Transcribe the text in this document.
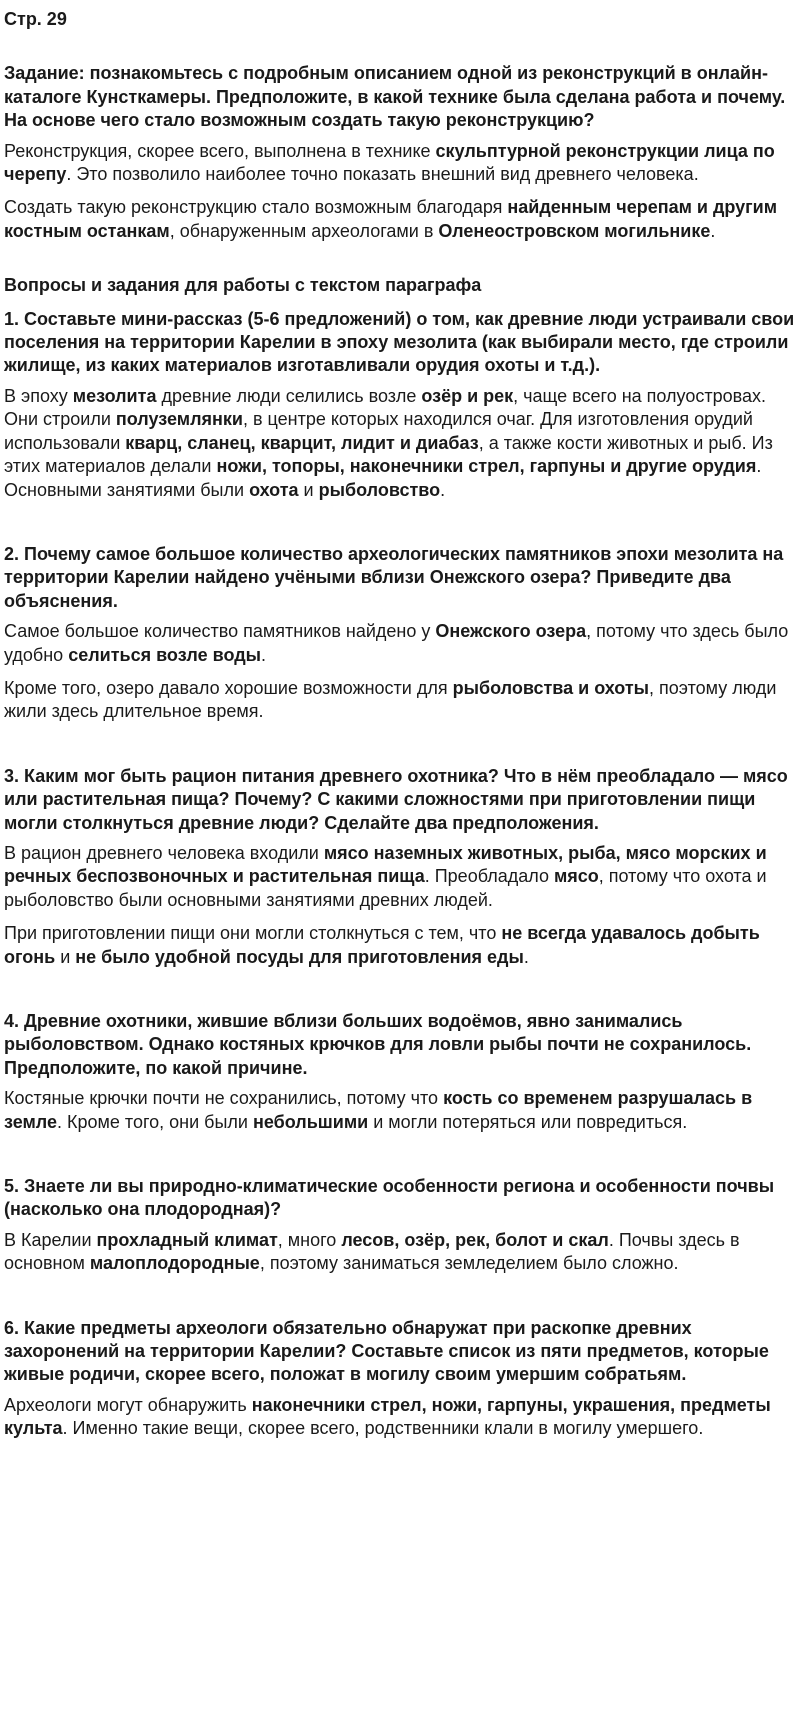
Стр. 29
Задание: познакомьтесь с подробным описанием одной из реконструкций в онлайн-каталоге Кунсткамеры. Предположите, в какой технике была сделана работа и почему. На основе чего стало возможным создать такую реконструкцию?
Реконструкция, скорее всего, выполнена в технике скульптурной реконструкции лица по черепу. Это позволило наиболее точно показать внешний вид древнего человека.
Создать такую реконструкцию стало возможным благодаря найденным черепам и другим костным останкам, обнаруженным археологами в Оленеостровском могильнике.
Вопросы и задания для работы с текстом параграфа
1. Составьте мини-рассказ (5-6 предложений) о том, как древние люди устраивали свои поселения на территории Карелии в эпоху мезолита (как выбирали место, где строили жилище, из каких материалов изготавливали орудия охоты и т.д.).
В эпоху мезолита древние люди селились возле озёр и рек, чаще всего на полуостровах. Они строили полуземлянки, в центре которых находился очаг. Для изготовления орудий использовали кварц, сланец, кварцит, лидит и диабаз, а также кости животных и рыб. Из этих материалов делали ножи, топоры, наконечники стрел, гарпуны и другие орудия. Основными занятиями были охота и рыболовство.
2. Почему самое большое количество археологических памятников эпохи мезолита на территории Карелии найдено учёными вблизи Онежского озера? Приведите два объяснения.
Самое большое количество памятников найдено у Онежского озера, потому что здесь было удобно селиться возле воды.
Кроме того, озеро давало хорошие возможности для рыболовства и охоты, поэтому люди жили здесь длительное время.
3. Каким мог быть рацион питания древнего охотника? Что в нём преобладало — мясо или растительная пища? Почему? С какими сложностями при приготовлении пищи могли столкнуться древние люди? Сделайте два предположения.
В рацион древнего человека входили мясо наземных животных, рыба, мясо морских и речных беспозвоночных и растительная пища. Преобладало мясо, потому что охота и рыболовство были основными занятиями древних людей.
При приготовлении пищи они могли столкнуться с тем, что не всегда удавалось добыть огонь и не было удобной посуды для приготовления еды.
4. Древние охотники, жившие вблизи больших водоёмов, явно занимались рыболовством. Однако костяных крючков для ловли рыбы почти не сохранилось. Предположите, по какой причине.
Костяные крючки почти не сохранились, потому что кость со временем разрушалась в земле. Кроме того, они были небольшими и могли потеряться или повредиться.
5. Знаете ли вы природно-климатические особенности региона и особенности почвы (насколько она плодородная)?
В Карелии прохладный климат, много лесов, озёр, рек, болот и скал. Почвы здесь в основном малоплодородные, поэтому заниматься земледелием было сложно.
6. Какие предметы археологи обязательно обнаружат при раскопке древних захоронений на территории Карелии? Составьте список из пяти предметов, которые живые родичи, скорее всего, положат в могилу своим умершим собратьям.
Археологи могут обнаружить наконечники стрел, ножи, гарпуны, украшения, предметы культа. Именно такие вещи, скорее всего, родственники клали в могилу умершего.
